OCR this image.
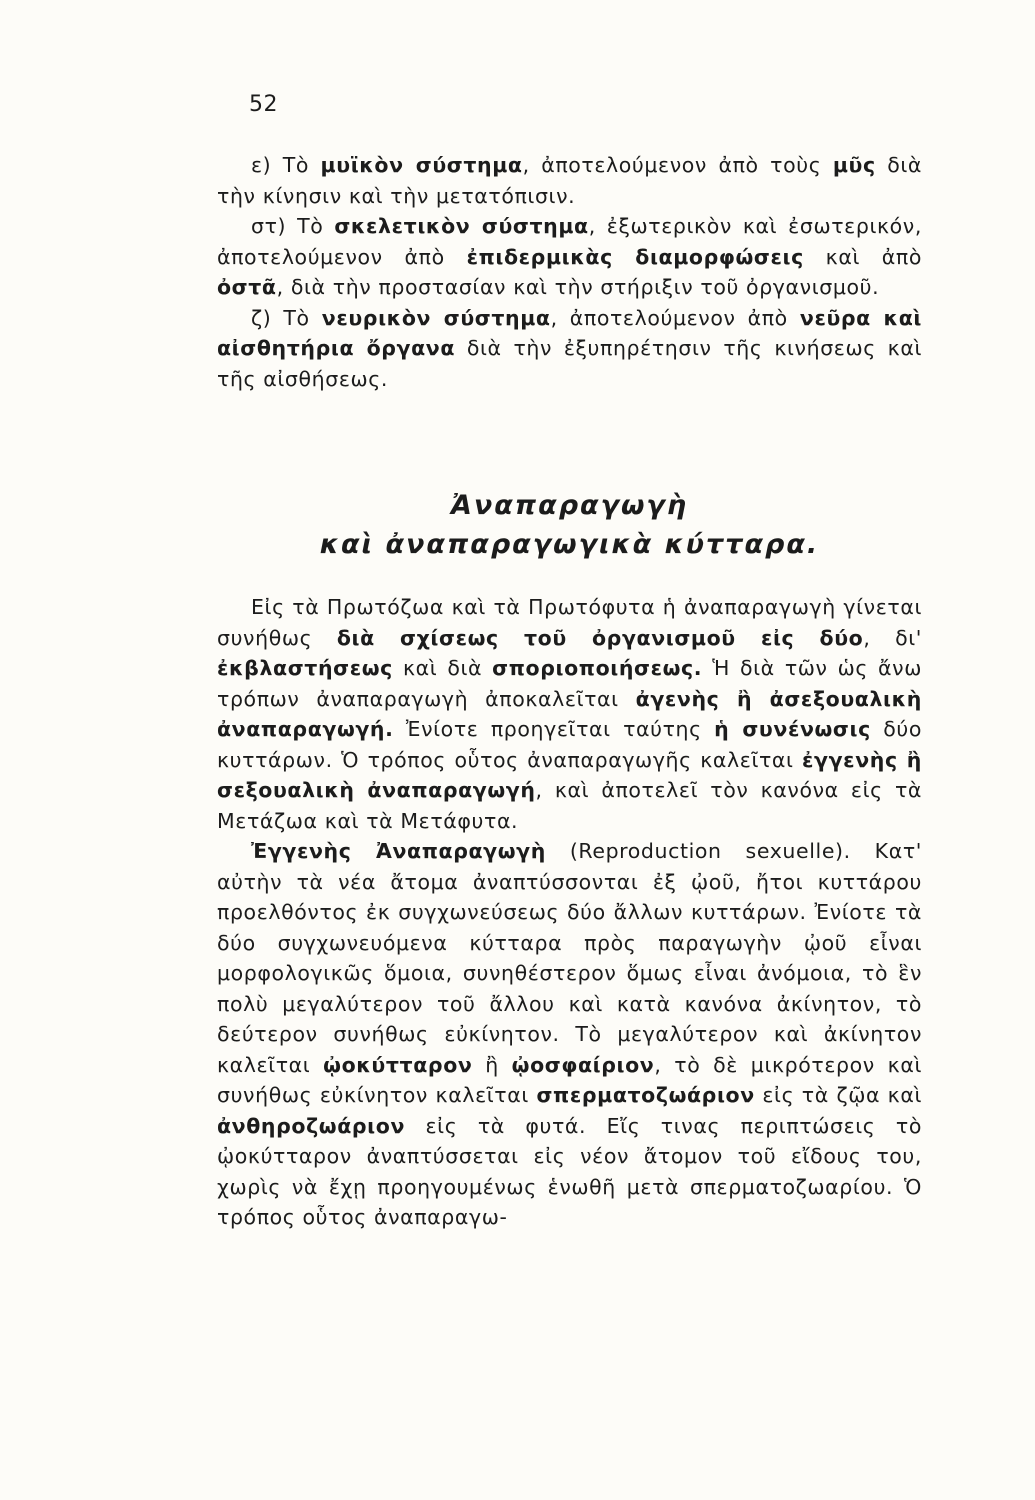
52

ε) Τὸ μυϊκὸν σύστημα, ἀποτελούμενον ἀπὸ τοὺς μῦς διὰ τὴν κίνησιν καὶ τὴν μετατόπισιν.

στ) Τὸ σκελετικὸν σύστημα, ἐξωτερικὸν καὶ ἐσωτερικόν, ἀποτελούμενον ἀπὸ ἐπιδερμικὰς διαμορφώσεις καὶ ἀπὸ ὀστᾶ, διὰ τὴν προστασίαν καὶ τὴν στήριξιν τοῦ ὀργανισμοῦ.

ζ) Τὸ νευρικὸν σύστημα, ἀποτελούμενον ἀπὸ νεῦρα καὶ αἰσθητήρια ὄργανα διὰ τὴν ἐξυπηρέτησιν τῆς κινήσεως καὶ τῆς αἰσθήσεως.

Ἀναπαραγωγὴ
καὶ ἀναπαραγωγικὰ κύτταρα.

Εἰς τὰ Πρωτόζωα καὶ τὰ Πρωτόφυτα ἡ ἀναπαραγωγὴ γίνεται συνήθως διὰ σχίσεως τοῦ ὀργανισμοῦ εἰς δύο, δι' ἐκβλαστήσεως καὶ διὰ σποριοποιήσεως. Ἡ διὰ τῶν ὡς ἄνω τρόπων ἀναπαραγωγὴ ἀποκαλεῖται ἀγενὴς ἢ ἀσεξουαλικὴ ἀναπαραγωγή. Ἐνίοτε προηγεῖται ταύτης ἡ συνένωσις δύο κυττάρων. Ὁ τρόπος οὗτος ἀναπαραγωγῆς καλεῖται ἐγγενὴς ἢ σεξουαλικὴ ἀναπαραγωγή, καὶ ἀποτελεῖ τὸν κανόνα εἰς τὰ Μετάζωα καὶ τὰ Μετάφυτα.

Ἐγγενὴς Ἀναπαραγωγὴ (Reproduction sexuelle). Κατ' αὐτὴν τὰ νέα ἄτομα ἀναπτύσσονται ἐξ ᾠοῦ, ἤτοι κυττάρου προελθόντος ἐκ συγχωνεύσεως δύο ἄλλων κυττάρων. Ἐνίοτε τὰ δύο συγχωνευόμενα κύτταρα πρὸς παραγωγὴν ᾠοῦ εἶναι μορφολογικῶς ὅμοια, συνηθέστερον ὅμως εἶναι ἀνόμοια, τὸ ἓν πολὺ μεγαλύτερον τοῦ ἄλλου καὶ κατὰ κανόνα ἀκίνητον, τὸ δεύτερον συνήθως εὐκίνητον. Τὸ μεγαλύτερον καὶ ἀκίνητον καλεῖται ᾠοκύτταρον ἢ ᾠοσφαίριον, τὸ δὲ μικρότερον καὶ συνήθως εὐκίνητον καλεῖται σπερματοζωάριον εἰς τὰ ζῷα καὶ ἀνθηροζωάριον εἰς τὰ φυτά. Εἴς τινας περιπτώσεις τὸ ᾠοκύτταρον ἀναπτύσσεται εἰς νέον ἄτομον τοῦ εἴδους του, χωρὶς νὰ ἔχῃ προηγουμένως ἑνωθῆ μετὰ σπερματοζωαρίου. Ὁ τρόπος οὗτος ἀναπαραγω-
